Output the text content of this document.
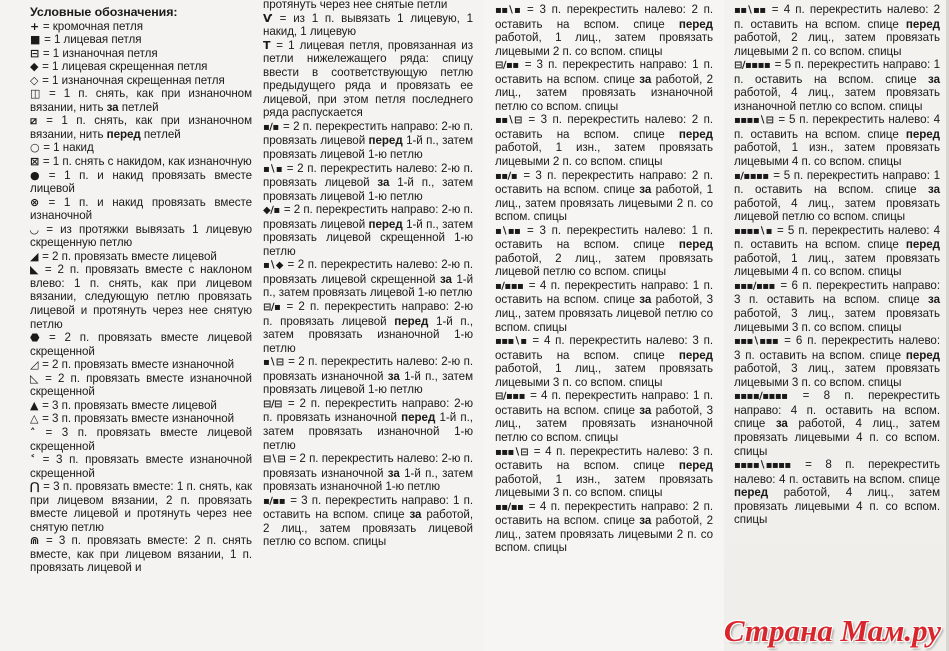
Условные обозначения:
+ = кромочная петля
■ = 1 лицевая петля
⊟ = 1 изнаночная петля
◆ = 1 лицевая скрещенная петля
◇ = 1 изнаночная скрещенная петля
◫ = 1 п. снять, как при изнаночном вязании, нить за петлей
⧄ = 1 п. снять, как при изнаночном вязании, нить перед петлей
○ = 1 накид
⊠ = 1 п. снять с накидом, как изнаночную
● = 1 п. и накид провязать вместе лицевой
⊗ = 1 п. и накид провязать вместе изнаночной
◡ = из протяжки вывязать 1 лицевую скрещенную петлю
◢ = 2 п. провязать вместе лицевой
◣ = 2 п. провязать вместе с наклоном влево: 1 п. снять, как при лицевом вязании, следующую петлю провязать лицевой и протянуть через нее снятую петлю
⬣ = 2 п. провязать вместе лицевой скрещенной
◿ = 2 п. провязать вместе изнаночной
◺ = 2 п. провязать вместе изнаночной скрещенной
▲ = 3 п. провязать вместе лицевой
△ = 3 п. провязать вместе изнаночной
˄ = 3 п. провязать вместе лицевой скрещенной
˂ = 3 п. провязать вместе изнаночной скрещенной
⋂ = 3 п. провязать вместе: 1 п. снять, как при лицевом вязании, 2 п. провязать вместе лицевой и протянуть через нее снятую петлю
⋒ = 3 п. провязать вместе: 2 п. снять вместе, как при лицевом вязании, 1 п. провязать лицевой и
протянуть через нее снятые петли
Ѵ = из 1 п. вывязать 1 лицевую, 1 накид, 1 лицевую
Т = 1 лицевая петля, провязанная из петли нижележащего ряда: спицу ввести в соответствующую петлю предыдущего ряда и провязать ее лицевой, при этом петля последнего ряда распускается
▪∕▪ = 2 п. перекрестить направо: 2-ю п. провязать лицевой перед 1-й п., затем провязать лицевой 1-ю петлю
▪∖▪ = 2 п. перекрестить налево: 2-ю п. провязать лицевой за 1-й п., затем провязать лицевой 1-ю петлю
◆∕▪ = 2 п. перекрестить направо: 2-ю п. провязать лицевой перед 1-й п., затем провязать лицевой скрещенной 1-ю петлю
▪∖◆ = 2 п. перекрестить налево: 2-ю п. провязать лицевой скрещенной за 1-й п., затем провязать лицевой 1-ю петлю
⊟∕▪ = 2 п. перекрестить направо: 2-ю п. провязать лицевой перед 1-й п., затем провязать изнаночной 1-ю петлю
▪∖⊟ = 2 п. перекрестить налево: 2-ю п. провязать изнаночной за 1-й п., затем провязать лицевой 1-ю петлю
⊟∕⊟ = 2 п. перекрестить направо: 2-ю п. провязать изнаночной перед 1-й п., затем провязать изнаночной 1-ю петлю
⊟∖⊟ = 2 п. перекрестить налево: 2-ю п. провязать изнаночной за 1-й п., затем провязать изнаночной 1-ю петлю
▪∕▪▪ = 3 п. перекрестить направо: 1 п. оставить на вспом. спице за работой, 2 лиц., затем провязать лицевой петлю со вспом. спицы
▪▪∖▪ = 3 п. перекрестить налево: 2 п. оставить на вспом. спице перед работой, 1 лиц., затем провязать лицевыми 2 п. со вспом. спицы
⊟∕▪▪ = 3 п. перекрестить направо: 1 п. оставить на вспом. спице за работой, 2 лиц., затем провязать изнаночной петлю со вспом. спицы
▪▪∖⊟ = 3 п. перекрестить налево: 2 п. оставить на вспом. спице перед работой, 1 изн., затем провязать лицевыми 2 п. со вспом. спицы
▪▪∕▪ = 3 п. перекрестить направо: 2 п. оставить на вспом. спице за работой, 1 лиц., затем провязать лицевыми 2 п. со вспом. спицы
▪∖▪▪ = 3 п. перекрестить налево: 1 п. оставить на вспом. спице перед работой, 2 лиц., затем провязать лицевой петлю со вспом. спицы
▪∕▪▪▪ = 4 п. перекрестить направо: 1 п. оставить на вспом. спице за работой, 3 лиц., затем провязать лицевой петлю со вспом. спицы
▪▪▪∖▪ = 4 п. перекрестить налево: 3 п. оставить на вспом. спице перед работой, 1 лиц., затем провязать лицевыми 3 п. со вспом. спицы
⊟∕▪▪▪ = 4 п. перекрестить направо: 1 п. оставить на вспом. спице за работой, 3 лиц., затем провязать изнаночной петлю со вспом. спицы
▪▪▪∖⊟ = 4 п. перекрестить налево: 3 п. оставить на вспом. спице перед работой, 1 изн., затем провязать лицевыми 3 п. со вспом. спицы
▪▪∕▪▪ = 4 п. перекрестить направо: 2 п. оставить на вспом. спице за работой, 2 лиц., затем провязать лицевыми 2 п. со вспом. спицы
▪▪∖▪▪ = 4 п. перекрестить налево: 2 п. оставить на вспом. спице перед работой, 2 лиц., затем провязать лицевыми 2 п. со вспом. спицы
⊟∕▪▪▪▪ = 5 п. перекрестить направо: 1 п. оставить на вспом. спице за работой, 4 лиц., затем провязать изнаночной петлю со вспом. спицы
▪▪▪▪∖⊟ = 5 п. перекрестить налево: 4 п. оставить на вспом. спице перед работой, 1 изн., затем провязать лицевыми 4 п. со вспом. спицы
▪∕▪▪▪▪ = 5 п. перекрестить направо: 1 п. оставить на вспом. спице за работой, 4 лиц., затем провязать лицевой петлю со вспом. спицы
▪▪▪▪∖▪ = 5 п. перекрестить налево: 4 п. оставить на вспом. спице перед работой, 1 лиц., затем провязать лицевыми 4 п. со вспом. спицы
▪▪▪∕▪▪▪ = 6 п. перекрестить направо: 3 п. оставить на вспом. спице за работой, 3 лиц., затем провязать лицевыми 3 п. со вспом. спицы
▪▪▪∖▪▪▪ = 6 п. перекрестить налево: 3 п. оставить на вспом. спице перед работой, 3 лиц., затем провязать лицевыми 3 п. со вспом. спицы
▪▪▪▪∕▪▪▪▪ = 8 п. перекрестить направо: 4 п. оставить на вспом. спице за работой, 4 лиц., затем провязать лицевыми 4 п. со вспом. спицы
▪▪▪▪∖▪▪▪▪ = 8 п. перекрестить налево: 4 п. оставить на вспом. спице перед работой, 4 лиц., затем провязать лицевыми 4 п. со вспом. спицы
Страна Мам.ру
